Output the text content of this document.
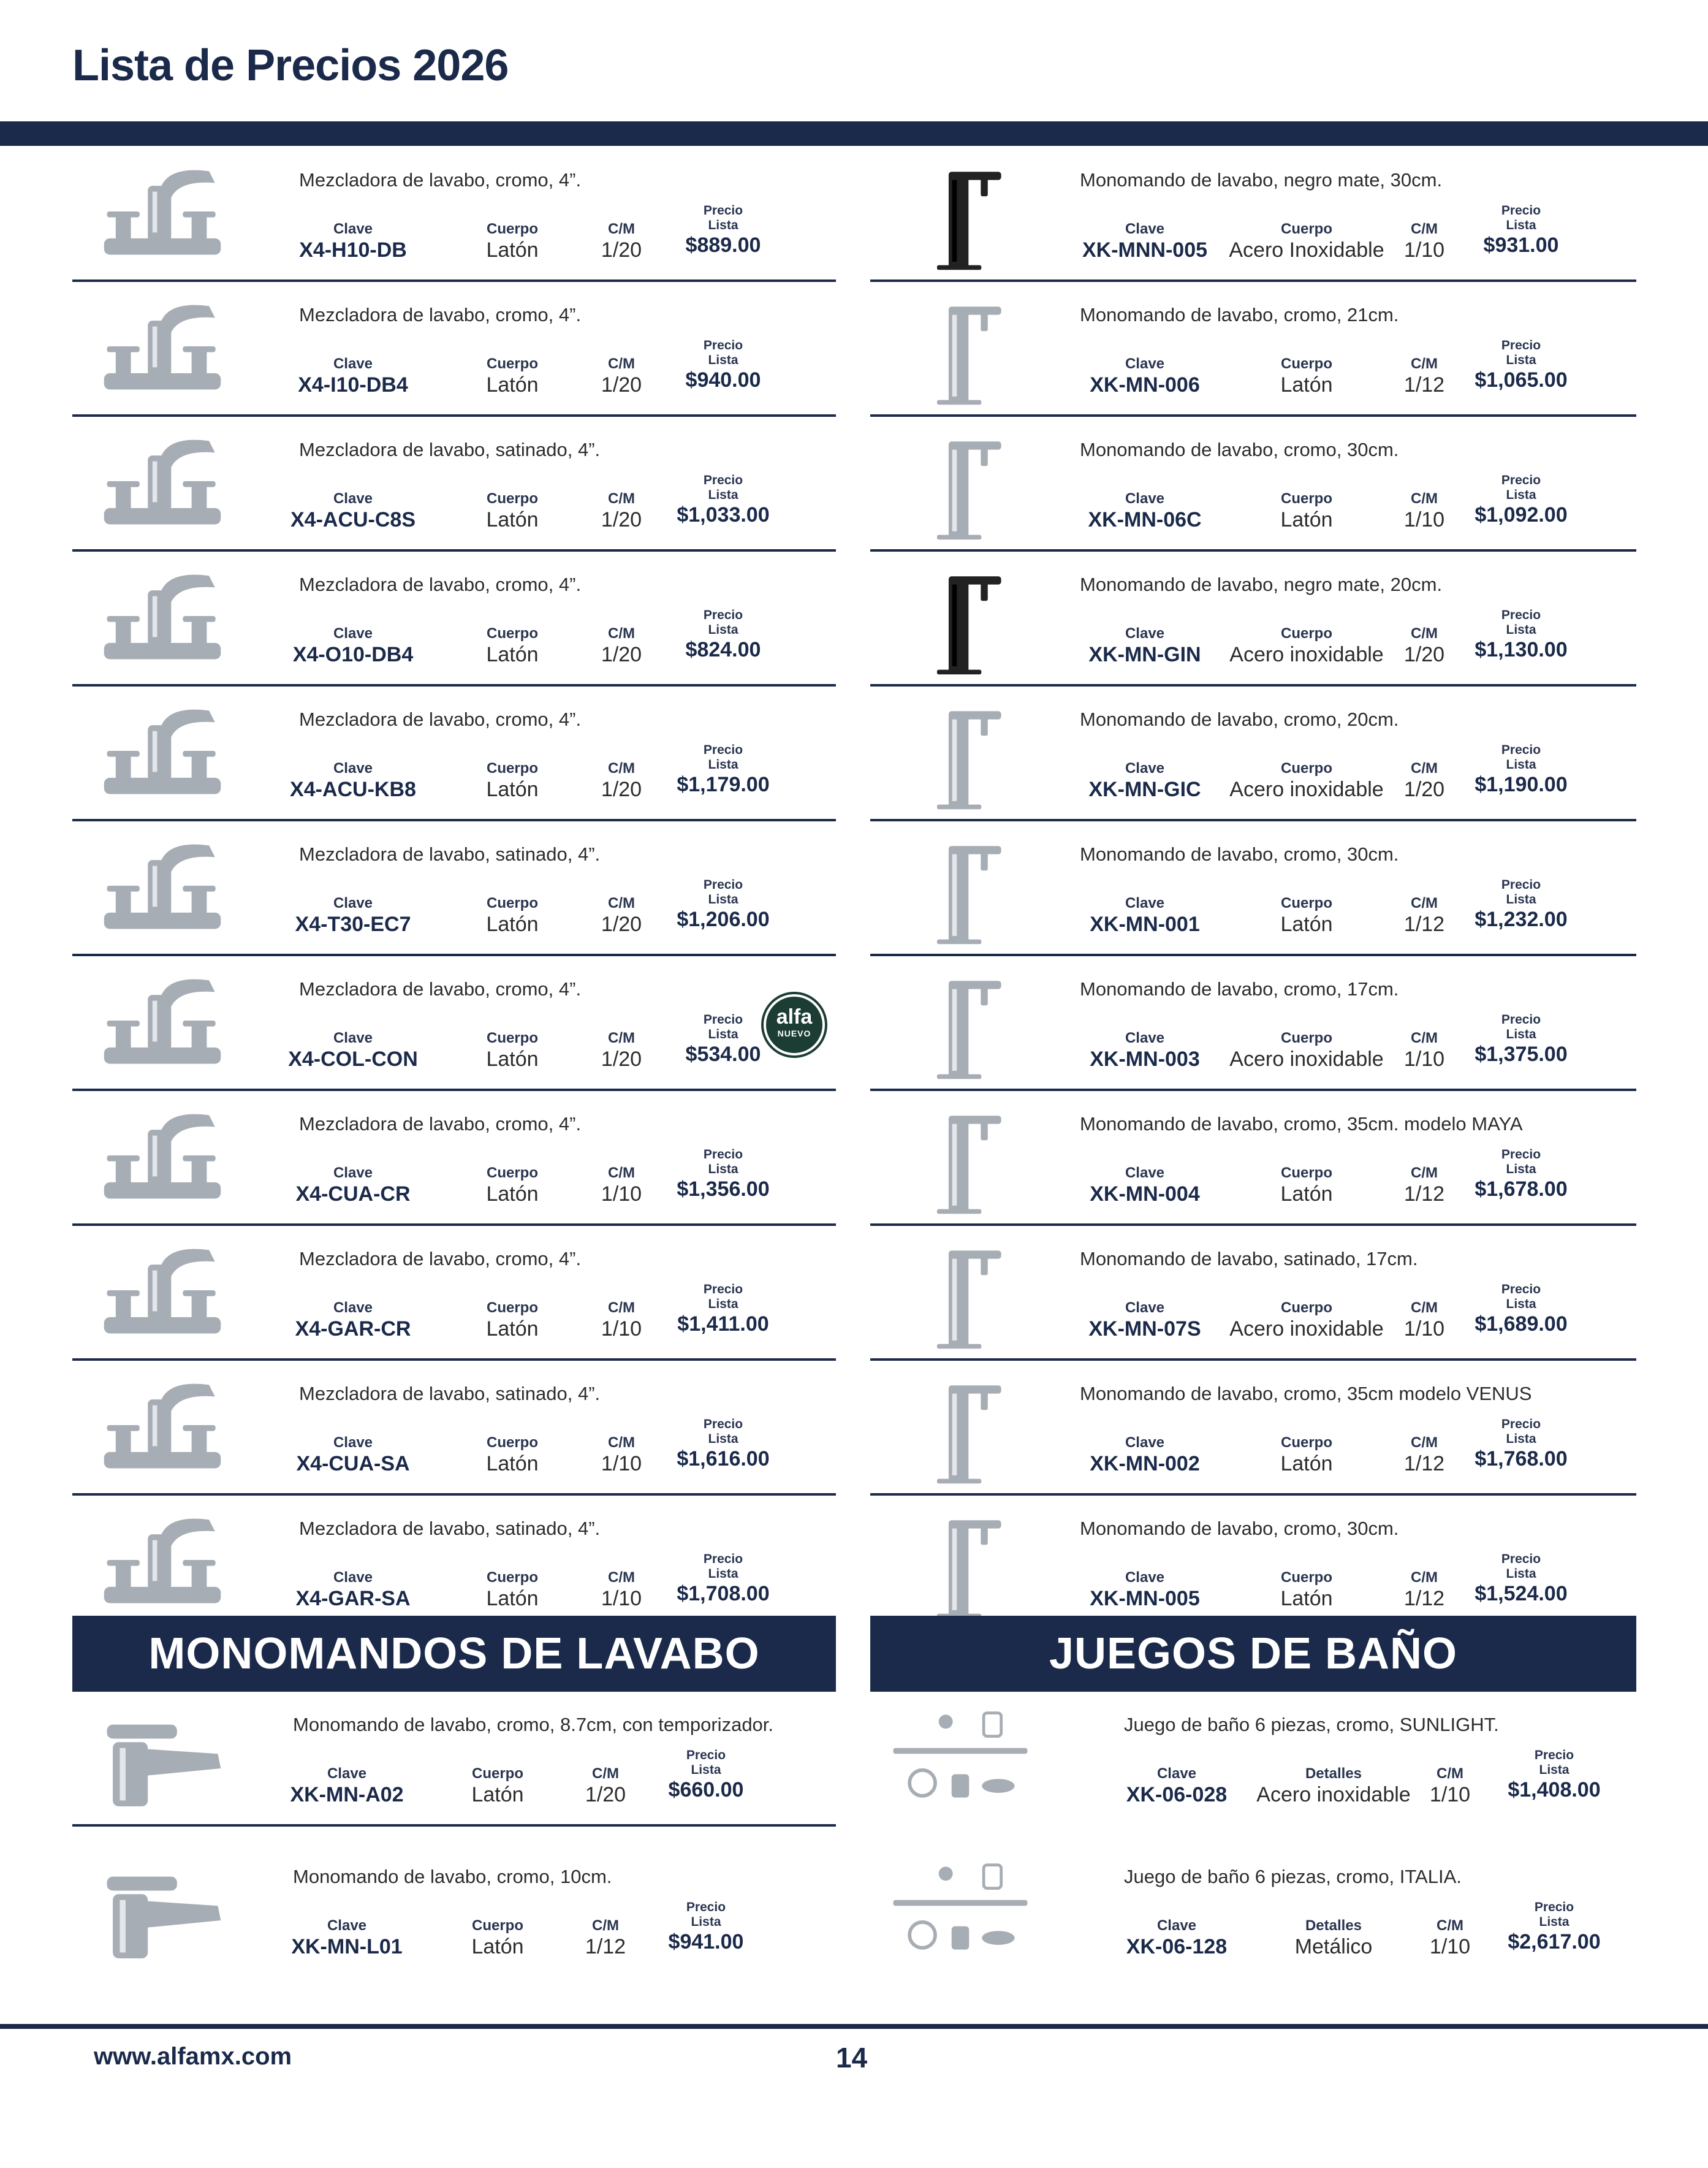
Lista de Precios 2026
Mezcladora de lavabo, cromo, 4”.
Clave
X4-H10-DB
Cuerpo
Latón
C/M
1/20
Precio
Lista
$889.00
Mezcladora de lavabo, cromo, 4”.
Clave
X4-I10-DB4
Cuerpo
Latón
C/M
1/20
Precio
Lista
$940.00
Mezcladora de lavabo, satinado, 4”.
Clave
X4-ACU-C8S
Cuerpo
Latón
C/M
1/20
Precio
Lista
$1,033.00
Mezcladora de lavabo, cromo, 4”.
Clave
X4-O10-DB4
Cuerpo
Latón
C/M
1/20
Precio
Lista
$824.00
Mezcladora de lavabo, cromo, 4”.
Clave
X4-ACU-KB8
Cuerpo
Latón
C/M
1/20
Precio
Lista
$1,179.00
Mezcladora de lavabo, satinado, 4”.
Clave
X4-T30-EC7
Cuerpo
Latón
C/M
1/20
Precio
Lista
$1,206.00
Mezcladora de lavabo, cromo, 4”.
Clave
X4-COL-CON
Cuerpo
Latón
C/M
1/20
Precio
Lista
$534.00
alfa
NUEVO
Mezcladora de lavabo, cromo, 4”.
Clave
X4-CUA-CR
Cuerpo
Latón
C/M
1/10
Precio
Lista
$1,356.00
Mezcladora de lavabo, cromo, 4”.
Clave
X4-GAR-CR
Cuerpo
Latón
C/M
1/10
Precio
Lista
$1,411.00
Mezcladora de lavabo, satinado, 4”.
Clave
X4-CUA-SA
Cuerpo
Latón
C/M
1/10
Precio
Lista
$1,616.00
Mezcladora de lavabo, satinado, 4”.
Clave
X4-GAR-SA
Cuerpo
Latón
C/M
1/10
Precio
Lista
$1,708.00
Monomando de lavabo, negro mate, 30cm.
Clave
XK-MNN-005
Cuerpo
Acero Inoxidable
C/M
1/10
Precio
Lista
$931.00
Monomando de lavabo, cromo, 21cm.
Clave
XK-MN-006
Cuerpo
Latón
C/M
1/12
Precio
Lista
$1,065.00
Monomando de lavabo, cromo, 30cm.
Clave
XK-MN-06C
Cuerpo
Latón
C/M
1/10
Precio
Lista
$1,092.00
Monomando de lavabo, negro mate, 20cm.
Clave
XK-MN-GIN
Cuerpo
Acero inoxidable
C/M
1/20
Precio
Lista
$1,130.00
Monomando de lavabo, cromo, 20cm.
Clave
XK-MN-GIC
Cuerpo
Acero inoxidable
C/M
1/20
Precio
Lista
$1,190.00
Monomando de lavabo, cromo, 30cm.
Clave
XK-MN-001
Cuerpo
Latón
C/M
1/12
Precio
Lista
$1,232.00
Monomando de lavabo, cromo, 17cm.
Clave
XK-MN-003
Cuerpo
Acero inoxidable
C/M
1/10
Precio
Lista
$1,375.00
Monomando de lavabo, cromo, 35cm. modelo MAYA
Clave
XK-MN-004
Cuerpo
Latón
C/M
1/12
Precio
Lista
$1,678.00
Monomando de lavabo, satinado, 17cm.
Clave
XK-MN-07S
Cuerpo
Acero inoxidable
C/M
1/10
Precio
Lista
$1,689.00
Monomando de lavabo, cromo, 35cm modelo VENUS
Clave
XK-MN-002
Cuerpo
Latón
C/M
1/12
Precio
Lista
$1,768.00
Monomando de lavabo, cromo, 30cm.
Clave
XK-MN-005
Cuerpo
Latón
C/M
1/12
Precio
Lista
$1,524.00
Monomando de lavabo, cromo, 8.7cm, con temporizador.
Clave
XK-MN-A02
Cuerpo
Latón
C/M
1/20
Precio
Lista
$660.00
Monomando de lavabo, cromo, 10cm.
Clave
XK-MN-L01
Cuerpo
Latón
C/M
1/12
Precio
Lista
$941.00
Juego de baño 6 piezas, cromo, SUNLIGHT.
Clave
XK-06-028
Detalles
Acero inoxidable
C/M
1/10
Precio
Lista
$1,408.00
Juego de baño 6 piezas, cromo, ITALIA.
Clave
XK-06-128
Detalles
Metálico
C/M
1/10
Precio
Lista
$2,617.00
MONOMANDOS DE LAVABO	JUEGOS DE BAÑO
www.alfamx.com	14
